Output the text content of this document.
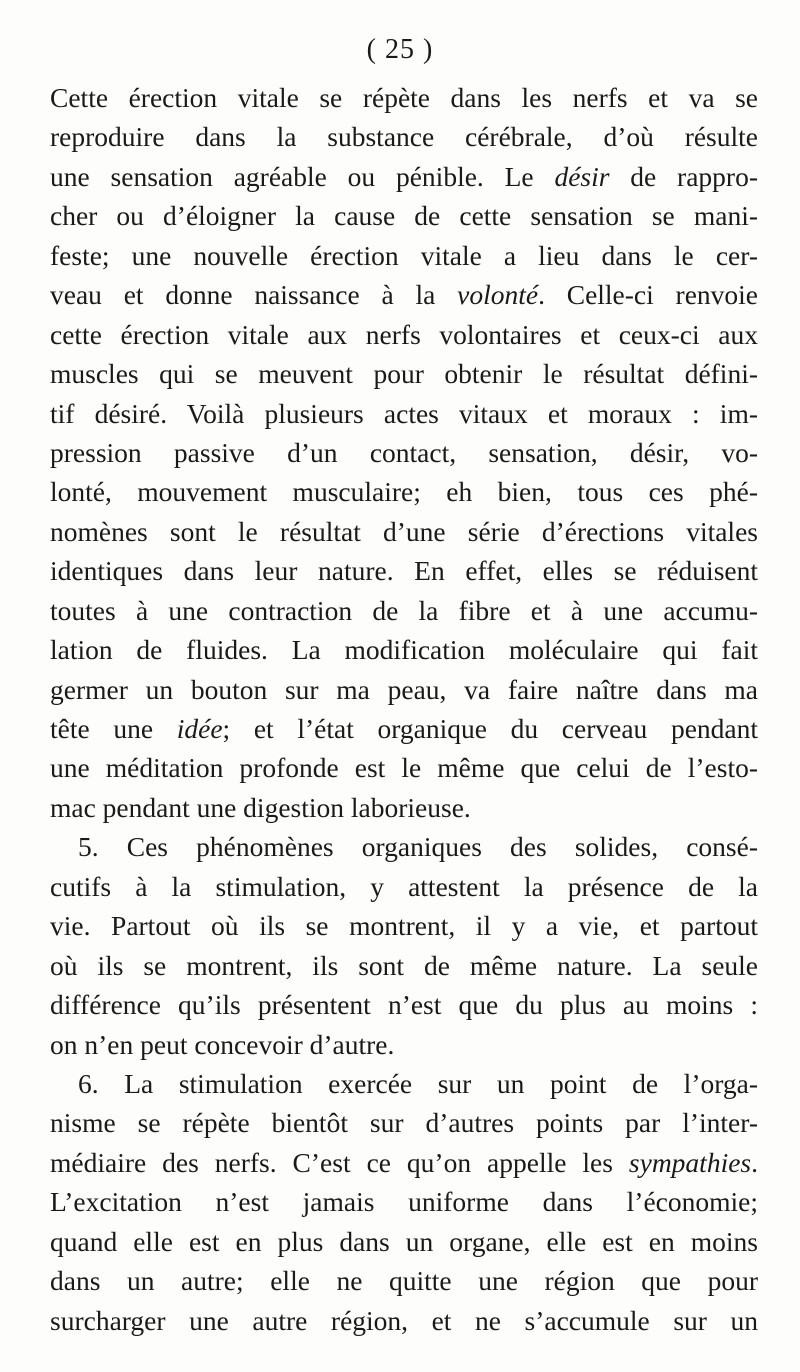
( 25 )
Cette érection vitale se répète dans les nerfs et va se
reproduire dans la substance cérébrale, d’où résulte
une sensation agréable ou pénible. Le désir de rappro-
cher ou d’éloigner la cause de cette sensation se mani-
feste; une nouvelle érection vitale a lieu dans le cer-
veau et donne naissance à la volonté. Celle-ci renvoie
cette érection vitale aux nerfs volontaires et ceux-ci aux
muscles qui se meuvent pour obtenir le résultat défini-
tif désiré. Voilà plusieurs actes vitaux et moraux : im-
pression passive d’un contact, sensation, désir, vo-
lonté, mouvement musculaire; eh bien, tous ces phé-
nomènes sont le résultat d’une série d’érections vitales
identiques dans leur nature. En effet, elles se réduisent
toutes à une contraction de la fibre et à une accumu-
lation de fluides. La modification moléculaire qui fait
germer un bouton sur ma peau, va faire naître dans ma
tête une idée; et l’état organique du cerveau pendant
une méditation profonde est le même que celui de l’esto-
mac pendant une digestion laborieuse.
5. Ces phénomènes organiques des solides, consé-
cutifs à la stimulation, y attestent la présence de la
vie. Partout où ils se montrent, il y a vie, et partout
où ils se montrent, ils sont de même nature. La seule
différence qu’ils présentent n’est que du plus au moins :
on n’en peut concevoir d’autre.
6. La stimulation exercée sur un point de l’orga-
nisme se répète bientôt sur d’autres points par l’inter-
médiaire des nerfs. C’est ce qu’on appelle les sympathies.
L’excitation n’est jamais uniforme dans l’économie;
quand elle est en plus dans un organe, elle est en moins
dans un autre; elle ne quitte une région que pour
surcharger une autre région, et ne s’accumule sur un
